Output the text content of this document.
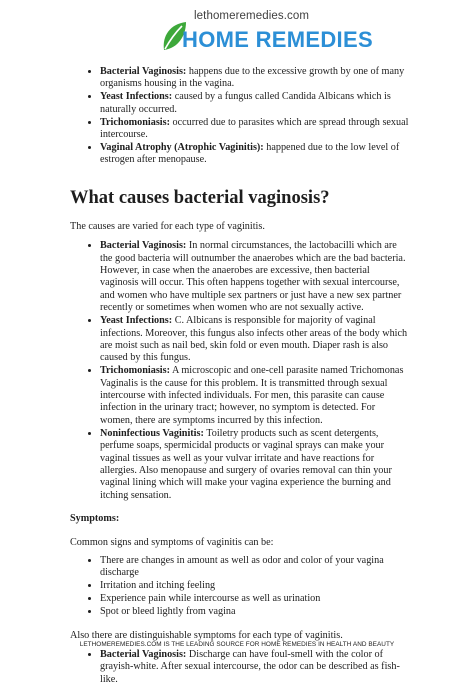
lethomeremedies.com
HOME REMEDIES
• Bacterial Vaginosis: happens due to the excessive growth by one of many organisms housing in the vagina.
• Yeast Infections: caused by a fungus called Candida Albicans which is naturally occurred.
• Trichomoniasis: occurred due to parasites which are spread through sexual intercourse.
• Vaginal Atrophy (Atrophic Vaginitis): happened due to the low level of estrogen after menopause.
What causes bacterial vaginosis?

The causes are varied for each type of vaginitis.

• Bacterial Vaginosis: In normal circumstances, the lactobacilli which are the good bacteria will outnumber the anaerobes which are the bad bacteria. However, in case when the anaerobes are excessive, then bacterial vaginosis will occur. This often happens together with sexual intercourse, and women who have multiple sex partners or just have a new sex partner recently or sometimes when women who are not sexually active.
• Yeast Infections: C. Albicans is responsible for majority of vaginal infections. Moreover, this fungus also infects other areas of the body which are moist such as nail bed, skin fold or even mouth. Diaper rash is also caused by this fungus.
• Trichomoniasis: A microscopic and one-cell parasite named Trichomonas Vaginalis is the cause for this problem. It is transmitted through sexual intercourse with infected individuals. For men, this parasite can cause infection in the urinary tract; however, no symptom is detected. For women, there are symptoms incurred by this infection.
• Noninfectious Vaginitis: Toiletry products such as scent detergents, perfume soaps, spermicidal products or vaginal sprays can make your vaginal tissues as well as your vulvar irritate and have reactions for allergies. Also menopause and surgery of ovaries removal can thin your vaginal lining which will make your vagina experience the burning and itching sensation.

Symptoms:

Common signs and symptoms of vaginitis can be:

• There are changes in amount as well as odor and color of your vagina discharge
• Irritation and itching feeling
• Experience pain while intercourse as well as urination
• Spot or bleed lightly from vagina

Also there are distinguishable symptoms for each type of vaginitis.

• Bacterial Vaginosis: Discharge can have foul-smell with the color of grayish-white. After sexual intercourse, the odor can be described as fish-like.
LETHOMEREMEDIES.COM IS THE LEADING SOURCE FOR HOME REMEDIES IN HEALTH AND BEAUTY
